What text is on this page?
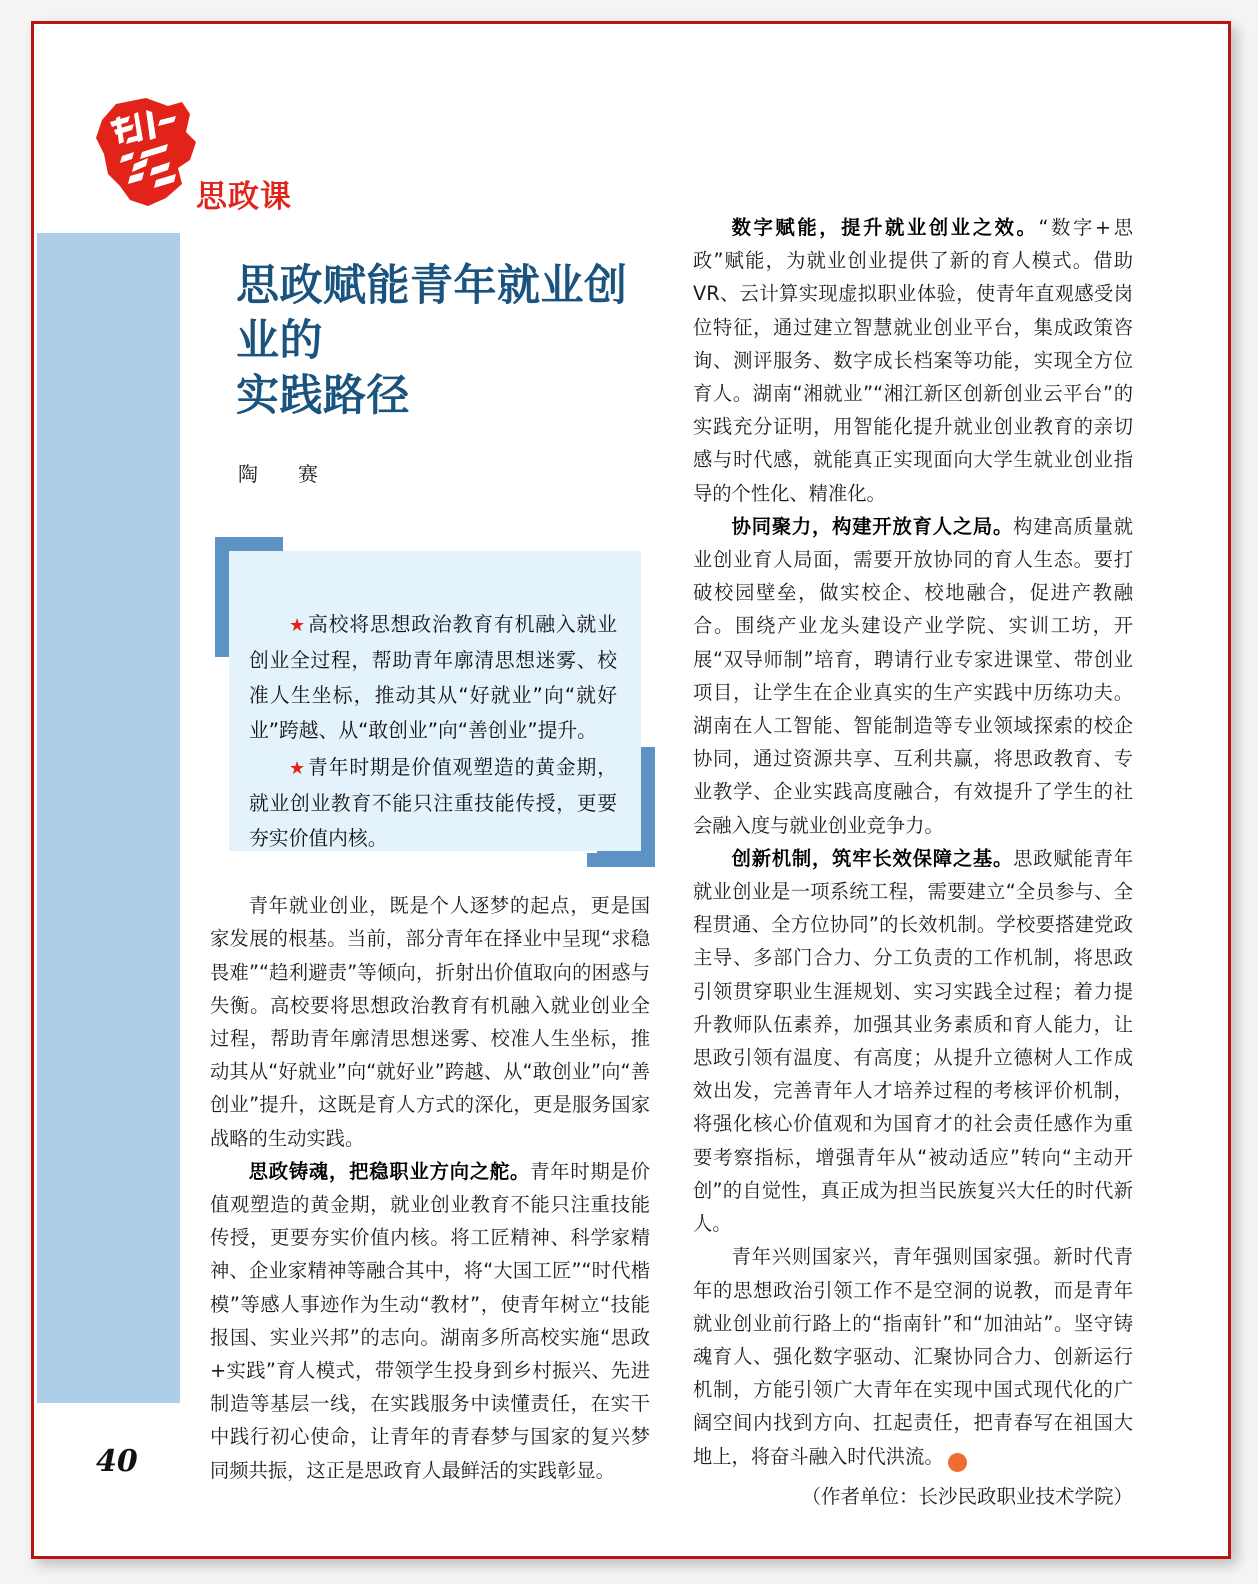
思政课
思政赋能青年就业创业的
实践路径
陶　赛

★ 高校将思想政治教育有机融入就业创业全过程，帮助青年廓清思想迷雾、校准人生坐标，推动其从“好就业”向“就好业”跨越、从“敢创业”向“善创业”提升。

★ 青年时期是价值观塑造的黄金期，就业创业教育不能只注重技能传授，更要夯实价值内核。

青年就业创业，既是个人逐梦的起点，更是国家发展的根基。当前，部分青年在择业中呈现“求稳畏难”“趋利避责”等倾向，折射出价值取向的困惑与失衡。高校要将思想政治教育有机融入就业创业全过程，帮助青年廓清思想迷雾、校准人生坐标，推动其从“好就业”向“就好业”跨越、从“敢创业”向“善创业”提升，这既是育人方式的深化，更是服务国家战略的生动实践。

思政铸魂，把稳职业方向之舵。青年时期是价值观塑造的黄金期，就业创业教育不能只注重技能传授，更要夯实价值内核。将工匠精神、科学家精神、企业家精神等融合其中，将“大国工匠”“时代楷模”等感人事迹作为生动“教材”，使青年树立“技能报国、实业兴邦”的志向。湖南多所高校实施“思政+实践”育人模式，带领学生投身到乡村振兴、先进制造等基层一线，在实践服务中读懂责任，在实干中践行初心使命，让青年的青春梦与国家的复兴梦同频共振，这正是思政育人最鲜活的实践彰显。

数字赋能，提升就业创业之效。“数字+思政”赋能，为就业创业提供了新的育人模式。借助VR、云计算实现虚拟职业体验，使青年直观感受岗位特征，通过建立智慧就业创业平台，集成政策咨询、测评服务、数字成长档案等功能，实现全方位育人。湖南“湘就业”“湘江新区创新创业云平台”的实践充分证明，用智能化提升就业创业教育的亲切感与时代感，就能真正实现面向大学生就业创业指导的个性化、精准化。

协同聚力，构建开放育人之局。构建高质量就业创业育人局面，需要开放协同的育人生态。要打破校园壁垒，做实校企、校地融合，促进产教融合。围绕产业龙头建设产业学院、实训工坊，开展“双导师制”培育，聘请行业专家进课堂、带创业项目，让学生在企业真实的生产实践中历练功夫。湖南在人工智能、智能制造等专业领域探索的校企协同，通过资源共享、互利共赢，将思政教育、专业教学、企业实践高度融合，有效提升了学生的社会融入度与就业创业竞争力。

创新机制，筑牢长效保障之基。思政赋能青年就业创业是一项系统工程，需要建立“全员参与、全程贯通、全方位协同”的长效机制。学校要搭建党政主导、多部门合力、分工负责的工作机制，将思政引领贯穿职业生涯规划、实习实践全过程；着力提升教师队伍素养，加强其业务素质和育人能力，让思政引领有温度、有高度；从提升立德树人工作成效出发，完善青年人才培养过程的考核评价机制，将强化核心价值观和为国育才的社会责任感作为重要考察指标，增强青年从“被动适应”转向“主动开创”的自觉性，真正成为担当民族复兴大任的时代新人。

青年兴则国家兴，青年强则国家强。新时代青年的思想政治引领工作不是空洞的说教，而是青年就业创业前行路上的“指南针”和“加油站”。坚守铸魂育人、强化数字驱动、汇聚协同合力、创新运行机制，方能引领广大青年在实现中国式现代化的广阔空间内找到方向、扛起责任，把青春写在祖国大地上，将奋斗融入时代洪流。	①

（作者单位：长沙民政职业技术学院）

40
